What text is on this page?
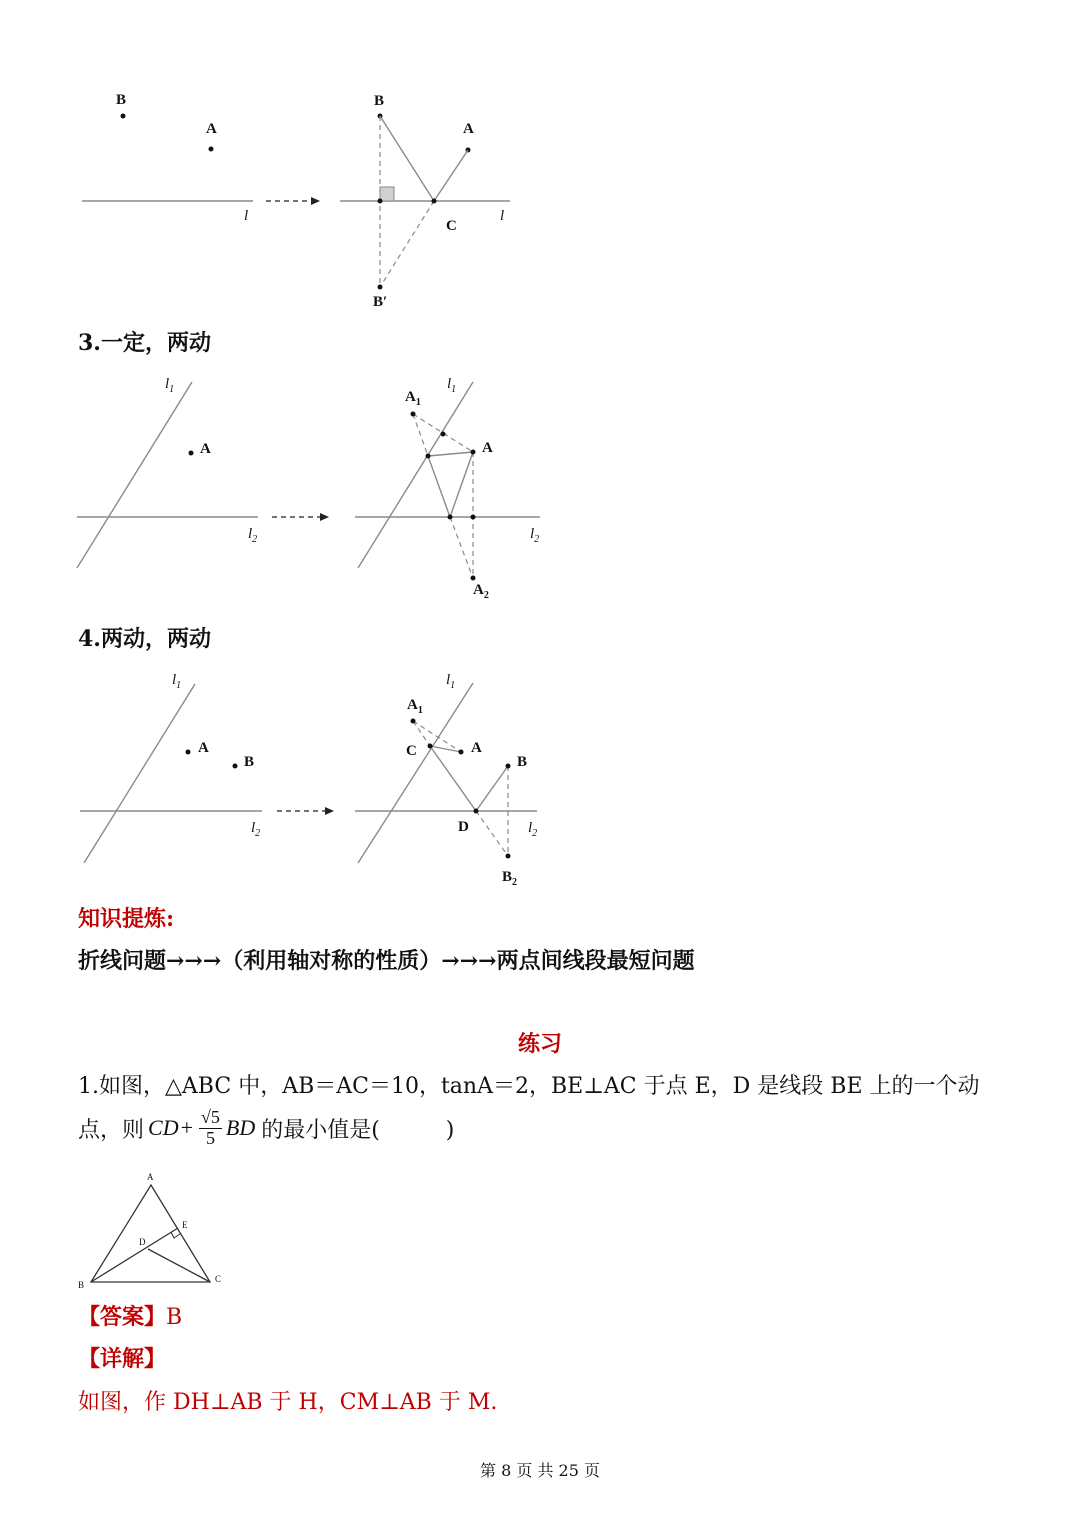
B
A
l
B
A
l
C
B′
3.一定，两动
$l_1$
A
$l_2$
$l_1$
$l_2$
$A_1$
A
$A_2$
4.两动，两动
$l_1$
A
B
$l_2$
$l_1$
$l_2$
$A_1$
C	A
B
D
$B_2$
知识提炼:
折线问题→→→（利用轴对称的性质）→→→两点间线段最短问题
练习
1.如图，△ABC 中，AB＝AC＝10，tanA＝2，BE⊥AC 于点 E，D 是线段 BE 上的一个动
点，则 CD + $\frac{√5}{5}$ BD 的最小值是(　　　)
A
B
C
D
E
【答案】B
【详解】
如图，作 DH⊥AB 于 H，CM⊥AB 于 M.
第 8 页 共 25 页
